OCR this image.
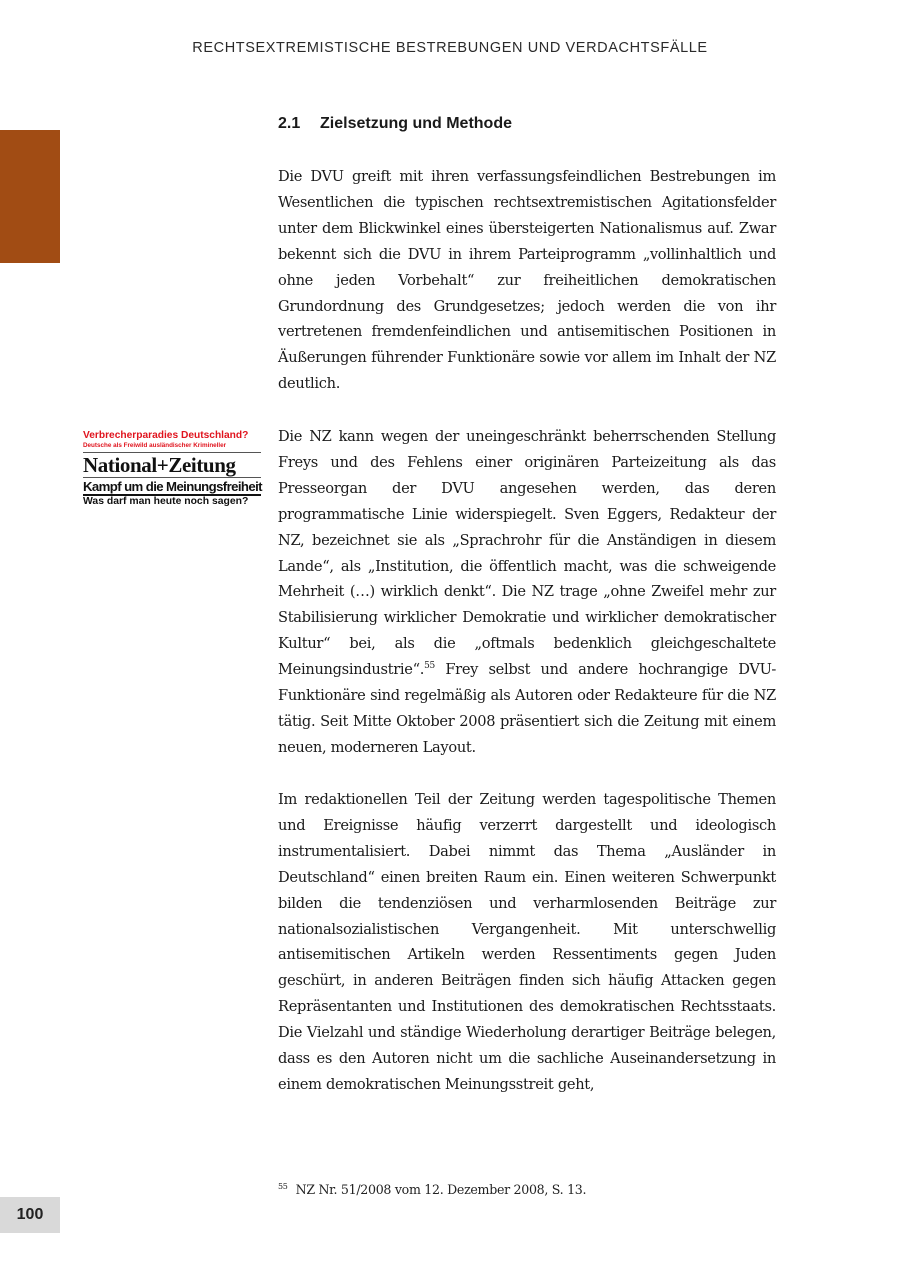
RECHTSEXTREMISTISCHE BESTREBUNGEN UND VERDACHTSFÄLLE
2.1 Zielsetzung und Methode

Die DVU greift mit ihren verfassungsfeindlichen Bestrebungen im Wesentlichen die typischen rechtsextremistischen Agitationsfelder unter dem Blickwinkel eines übersteigerten Nationalismus auf. Zwar bekennt sich die DVU in ihrem Parteiprogramm „vollinhaltlich und ohne jeden Vorbehalt“ zur freiheitlichen demokratischen Grundordnung des Grundgesetzes; jedoch werden die von ihr vertretenen fremdenfeindlichen und antisemitischen Positionen in Äußerungen führender Funktionäre sowie vor allem im Inhalt der NZ deutlich.

Verbrecherparadies Deutschland?
Deutsche als Freiwild ausländischer Krimineller
National+Zeitung
Kampf um die Meinungsfreiheit
Was darf man heute noch sagen?

Die NZ kann wegen der uneingeschränkt beherrschenden Stellung Freys und des Fehlens einer originären Parteizeitung als das Presseorgan der DVU angesehen werden, das deren programmatische Linie widerspiegelt. Sven Eggers, Redakteur der NZ, bezeichnet sie als „Sprachrohr für die Anständigen in diesem Lande“, als „Institution, die öffentlich macht, was die schweigende Mehrheit (…) wirklich denkt“. Die NZ trage „ohne Zweifel mehr zur Stabilisierung wirklicher Demokratie und wirklicher demokratischer Kultur“ bei, als die „oftmals bedenklich gleichgeschaltete Meinungsindustrie“.$^{55}$ Frey selbst und andere hochrangige DVU-Funktionäre sind regelmäßig als Autoren oder Redakteure für die NZ tätig. Seit Mitte Oktober 2008 präsentiert sich die Zeitung mit einem neuen, moderneren Layout.

Im redaktionellen Teil der Zeitung werden tagespolitische Themen und Ereignisse häufig verzerrt dargestellt und ideologisch instrumentalisiert. Dabei nimmt das Thema „Ausländer in Deutschland“ einen breiten Raum ein. Einen weiteren Schwerpunkt bilden die tendenziösen und verharmlosenden Beiträge zur nationalsozialistischen Vergangenheit. Mit unterschwellig antisemitischen Artikeln werden Ressentiments gegen Juden geschürt, in anderen Beiträgen finden sich häufig Attacken gegen Repräsentanten und Institutionen des demokratischen Rechtsstaats. Die Vielzahl und ständige Wiederholung derartiger Beiträge belegen, dass es den Autoren nicht um die sachliche Auseinandersetzung in einem demokratischen Meinungsstreit geht,

$^{55}$ NZ Nr. 51/2008 vom 12. Dezember 2008, S. 13.
100
